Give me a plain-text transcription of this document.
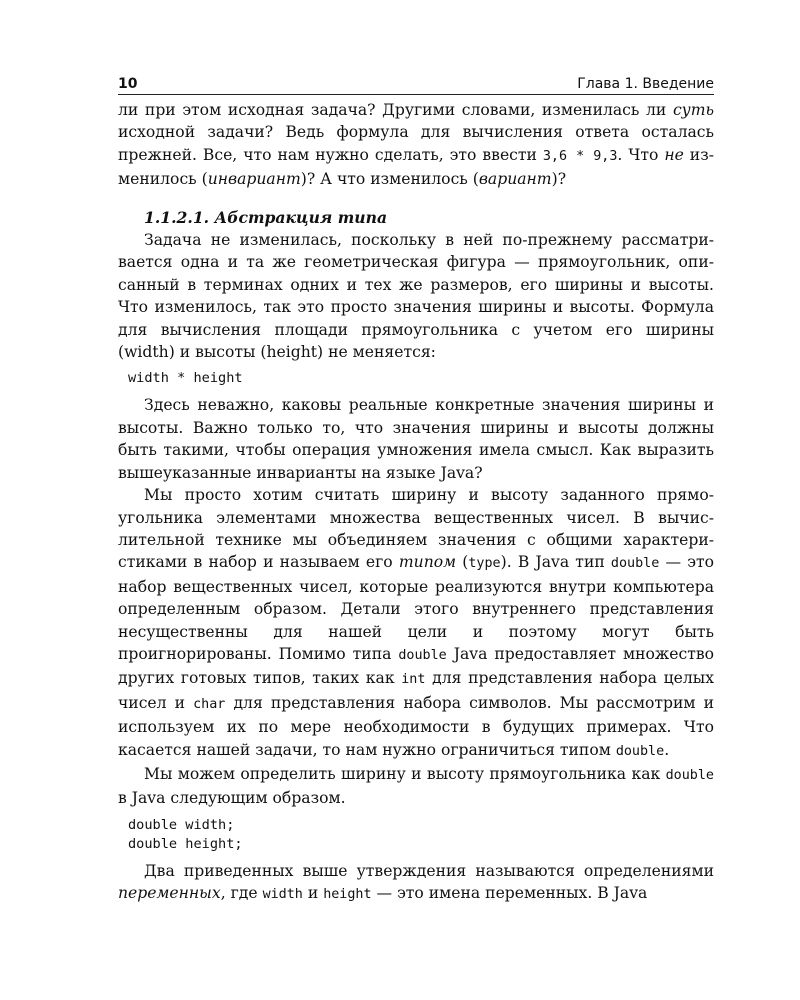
10	Глава 1. Введение

ли при этом исходная задача? Другими словами, изменилась ли суть исходной задачи? Ведь формула для вычисления ответа осталась прежней. Все, что нам нужно сделать, это ввести 3,6 * 9,3. Что не изменилось (инвариант)? А что изменилось (вариант)?

1.1.2.1. Абстракция типа

Задача не изменилась, поскольку в ней по-прежнему рассматривается одна и та же геометрическая фигура — прямоугольник, описанный в терминах одних и тех же размеров, его ширины и высоты. Что изменилось, так это просто значения ширины и высоты. Формула для вычисления площади прямоугольника с учетом его ширины (width) и высоты (height) не меняется:

width * height

Здесь неважно, каковы реальные конкретные значения ширины и высоты. Важно только то, что значения ширины и высоты должны быть такими, чтобы операция умножения имела смысл. Как выразить вышеуказанные инварианты на языке Java?

Мы просто хотим считать ширину и высоту заданного прямоугольника элементами множества вещественных чисел. В вычислительной технике мы объединяем значения с общими характеристиками в набор и называем его типом (type). В Java тип double — это набор вещественных чисел, которые реализуются внутри компьютера определенным образом. Детали этого внутреннего представления несущественны для нашей цели и поэтому могут быть проигнорированы. Помимо типа double Java предоставляет множество других готовых типов, таких как int для представления набора целых чисел и char для представления набора символов. Мы рассмотрим и используем их по мере необходимости в будущих примерах. Что касается нашей задачи, то нам нужно ограничиться типом double.

Мы можем определить ширину и высоту прямоугольника как double в Java следующим образом.

double width;
double height;

Два приведенных выше утверждения называются определениями переменных, где width и height — это имена переменных. В Java
